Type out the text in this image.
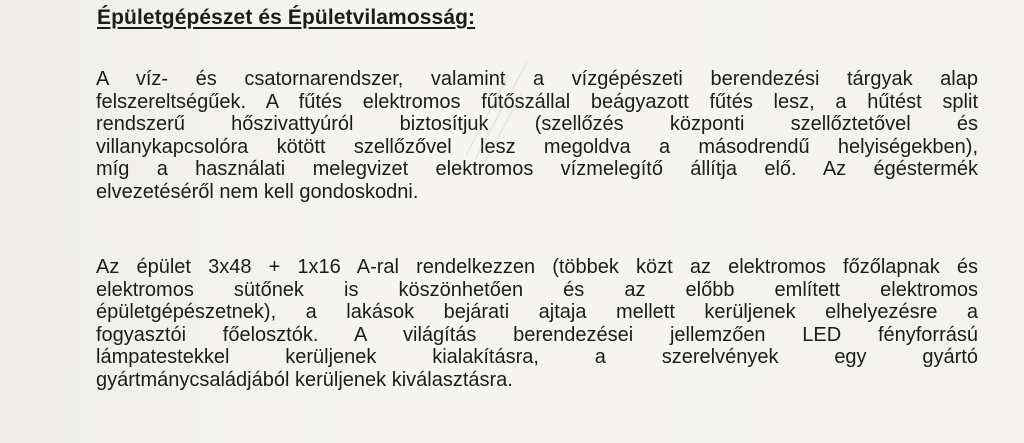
Épületgépészet és Épületvilamosság:
A víz- és csatornarendszer, valamint a vízgépészeti berendezési tárgyak alap
felszereltségűek. A fűtés elektromos fűtőszállal beágyazott fűtés lesz, a hűtést split
rendszerű hőszivattyúról biztosítjuk (szellőzés központi szellőztetővel és
villanykapcsolóra kötött szellőzővel lesz megoldva a másodrendű helyiségekben),
míg a használati melegvizet elektromos vízmelegítő állítja elő. Az égéstermék
elvezetéséről nem kell gondoskodni.
Az épület 3x48 + 1x16 A-ral rendelkezzen (többek közt az elektromos főzőlapnak és
elektromos sütőnek is köszönhetően és az előbb említett elektromos
épületgépészetnek), a lakások bejárati ajtaja mellett kerüljenek elhelyezésre a
fogyasztói főelosztók. A világítás berendezései jellemzően LED fényforrású
lámpatestekkel kerüljenek kialakításra, a szerelvények egy gyártó
gyártmánycsaládjából kerüljenek kiválasztásra.
